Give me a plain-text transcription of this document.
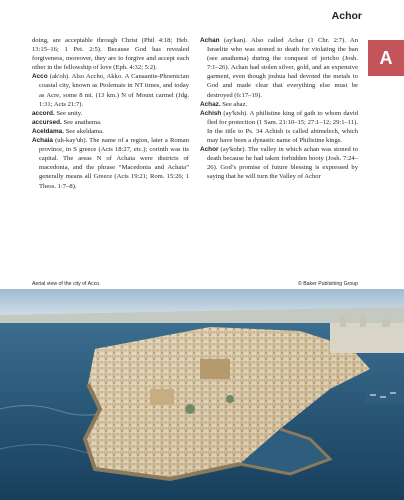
Achor
A

doing, are acceptable through Christ (Phil 4:18; Heb. 13:15–16; 1 Pet. 2:5). Because God has revealed forgiveness, moreover, they are to forgive and accept each other in the fellowship of love (Eph. 4:32; 5:2).

Acco (ak'oh). Also Accho, Akko. A Canaanite-Phoenician coastal city, known as Ptolemais in NT times, and today as Acre, some 8 mi. (13 km.) N of Mount carmel (Jdg. 1:31; Acts 21:7).

accord. See unity.

accursed. See anathema.

Aceldama. See akeldama.

Achaia (uh-kay'uh). The name of a region, later a Roman province, in S greece (Acts 18:27, etc.); corinth was its capital. The areas N of Achaia were districts of macedonia, and the phrase “Macedonia and Achaia” generally means all Greece (Acts 19:21; Rom. 15:26; 1 Thess. 1:7–8).

Achan (ay'kan). Also called Achar (1 Chr. 2:7). An Israelite who was stoned to death for violating the ban (see anathema) during the conquest of jericho (Josh. 7:1–26). Achan had stolen silver, gold, and an expensive garment, even though joshua had devoted the metals to God and made clear that everything else must be destroyed (6:17–19).

Achaz. See ahaz.

Achish (ay'kish). A philistine king of gath to whom david fled for protection (1 Sam. 21:10–15; 27:1–12; 29:1–11). In the title to Ps. 34 Achish is called abimelech, which may have been a dynastic name of Philistine kings.

Achor (ay'kohr). The valley in which achan was stoned to death because he had taken forbidden booty (Josh. 7:24–26). God’s promise of future blessing is expressed by saying that he will turn the Valley of Achor

Aerial view of the city of Acco.	© Baker Publishing Group
